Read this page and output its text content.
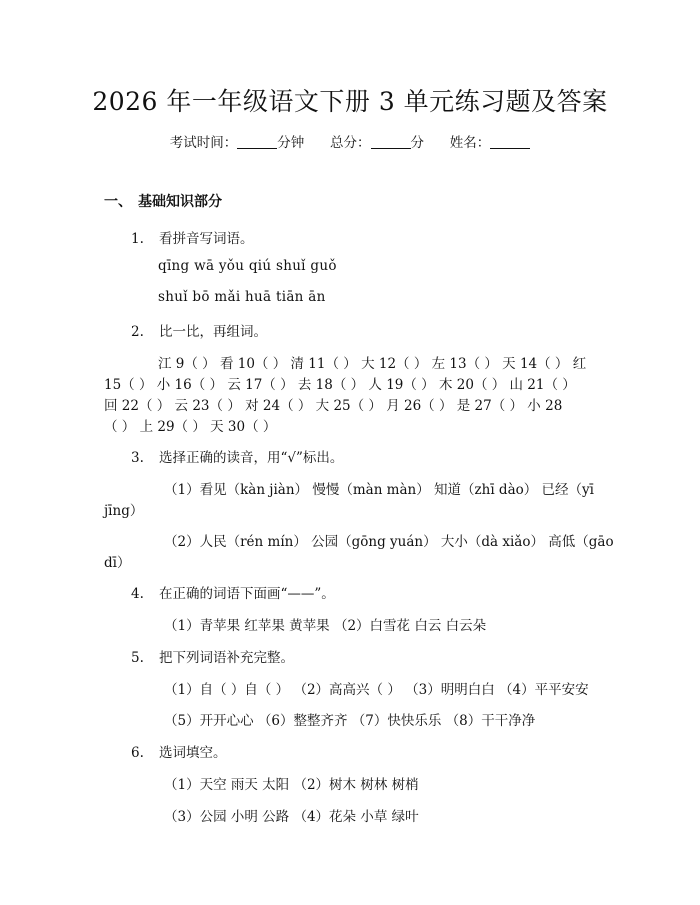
2026 年一年级语文下册 3 单元练习题及答案
考试时间：	分钟 总分：	分 姓名：
一、 基础知识部分
1. 看拼音写词语。
qīng wā yǒu qiú shuǐ guǒ
shuǐ bō mǎi huā tiān ān
2. 比一比，再组词。
江 9（ ） 看 10（ ） 清 11（ ） 大 12（ ） 左 13（ ） 天 14（ ） 红
15（ ） 小 16（ ） 云 17（ ） 去 18（ ） 人 19（ ） 木 20（ ） 山 21（ ）
回 22（ ） 云 23（ ） 对 24（ ） 大 25（ ） 月 26（ ） 是 27（ ） 小 28
（ ） 上 29（ ） 天 30（ ）
3. 选择正确的读音，用“√”标出。
（1）看见（kàn jiàn） 慢慢（màn màn） 知道（zhī dào） 已经（yī
jīng）
（2）人民（rén mín） 公园（gōng yuán） 大小（dà xiǎo） 高低（gāo
dī）
4. 在正确的词语下面画“——”。
（1）青苹果 红苹果 黄苹果 （2）白雪花 白云 白云朵
5. 把下列词语补充完整。
（1）自（ ）自（ ） （2）高高兴（ ） （3）明明白白 （4）平平安安
（5）开开心心 （6）整整齐齐 （7）快快乐乐 （8）干干净净
6. 选词填空。
（1）天空 雨天 太阳 （2）树木 树林 树梢
（3）公园 小明 公路 （4）花朵 小草 绿叶
